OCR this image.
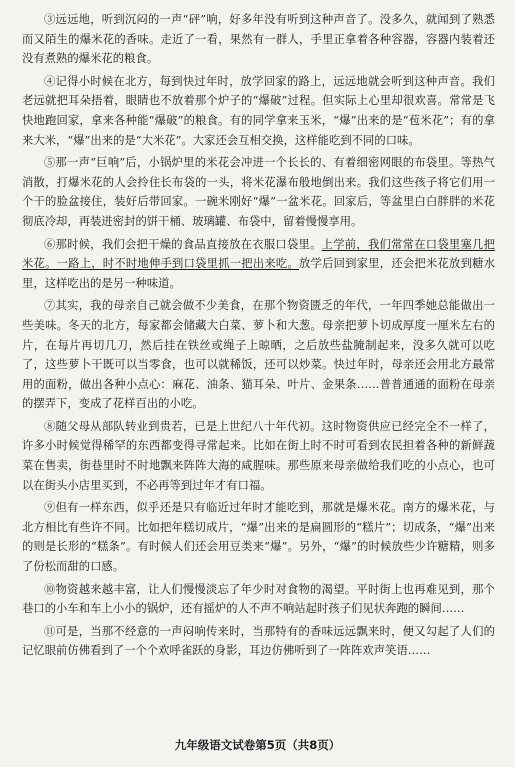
③远远地，听到沉闷的一声“砰”响，好多年没有听到这种声音了。没多久，就闻到了熟悉而又陌生的爆米花的香味。走近了一看，果然有一群人，手里正拿着各种容器，容器内装着还没有煮熟的爆米花的粮食。

④记得小时候在北方，每到快过年时，放学回家的路上，远远地就会听到这种声音。我们老远就把耳朵捂着，眼睛也不放着那个炉子的“爆破”过程。但实际上心里却很欢喜。常常是飞快地跑回家，拿来各种能“爆破”的粮食。有的同学拿来玉米，“爆”出来的是“苞米花”；有的拿来大米，“爆”出来的是“大米花”。大家还会互相交换，这样能吃到不同的口味。

⑤那一声“巨响”后，小锅炉里的米花会冲进一个长长的、有着细密网眼的布袋里。等热气消散，打爆米花的人会拎住长布袋的一头，将米花瀑布般地倒出来。我们这些孩子将它们用一个干的脸盆接住，装好后带回家。一碗米刚好“爆”一盆米花。回家后，等盆里白白胖胖的米花彻底冷却，再装进密封的饼干桶、玻璃罐、布袋中，留着慢慢享用。

⑥那时候，我们会把干燥的食品直接放在衣服口袋里。上学前，我们常常在口袋里塞几把米花。一路上，时不时地伸手到口袋里抓一把出来吃。放学后回到家里，还会把米花放到糖水里，这样吃出的是另一种味道。

⑦其实，我的母亲自己就会做不少美食，在那个物资匮乏的年代，一年四季她总能做出一些美味。冬天的北方，每家都会储藏大白菜、萝卜和大葱。母亲把萝卜切成厚度一厘米左右的片，在每片再切几刀，然后挂在铁丝或绳子上晾晒，之后放些盐腌制起来，没多久就可以吃了，这些萝卜干既可以当零食，也可以就稀饭，还可以炒菜。快过年时，母亲还会用北方最常用的面粉，做出各种小点心：麻花、油条、猫耳朵、叶片、金果条……普普通通的面粉在母亲的摆弄下，变成了花样百出的小吃。

⑧随父母从部队转业到贵若，已是上世纪八十年代初。这时物资供应已经完全不一样了，许多小时候觉得稀罕的东西都变得寻常起来。比如在街上时不时可看到农民担着各种的新鲜蔬菜在售卖，街巷里时不时地飘来阵阵大海的咸腥味。那些原来母亲做给我们吃的小点心，也可以在街头小店里买到，不必再等到过年才有口福。

⑨但有一样东西，似乎还是只有临近过年时才能吃到，那就是爆米花。南方的爆米花，与北方相比有些许不同。比如把年糕切成片，“爆”出来的是扁圆形的“糕片”；切成条，“爆”出来的则是长形的“糕条”。有时候人们还会用豆类来“爆”。另外，“爆”的时候放些少许糖精，则多了份松而甜的口感。

⑩物资越来越丰富，让人们慢慢淡忘了年少时对食物的渴望。平时街上也再难见到，那个巷口的小车和车上小小的锅炉，还有摇炉的人不声不响站起时孩子们见状奔跑的瞬间……

⑪可是，当那不经意的一声闷响传来时，当那特有的香味远远飘来时，便又勾起了人们的记忆眼前仿佛看到了一个个欢呼雀跃的身影，耳边仿佛听到了一阵阵欢声笑语……

九年级语文试卷第5页（共8页）
